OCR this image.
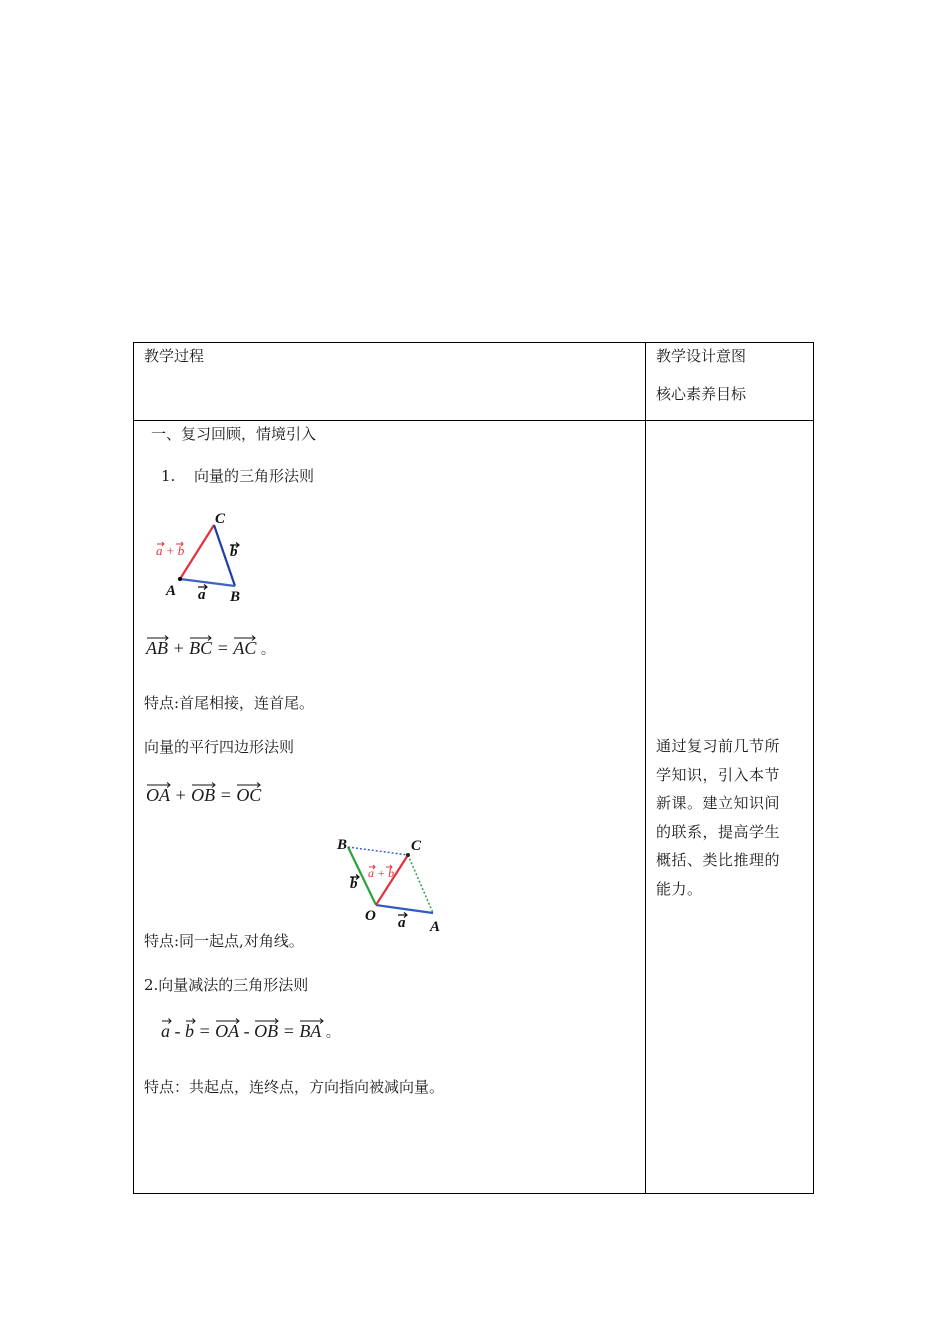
教学过程	教学设计意图
核心素养目标
一、复习回顾，情境引入
1. 向量的三角形法则
C
A	B
a
b
a + b
AB + BC = AC 。
特点:首尾相接，连首尾。
向量的平行四边形法则
OA + OB = OC
B	C
O
A
a
b
a + b
特点:同一起点,对角线。
2.向量减法的三角形法则
a - b = OA - OB = BA 。
特点：共起点，连终点，方向指向被减向量。
通过复习前几节所学知识，引入本节新课。建立知识间的联系，提高学生概括、类比推理的能力。
